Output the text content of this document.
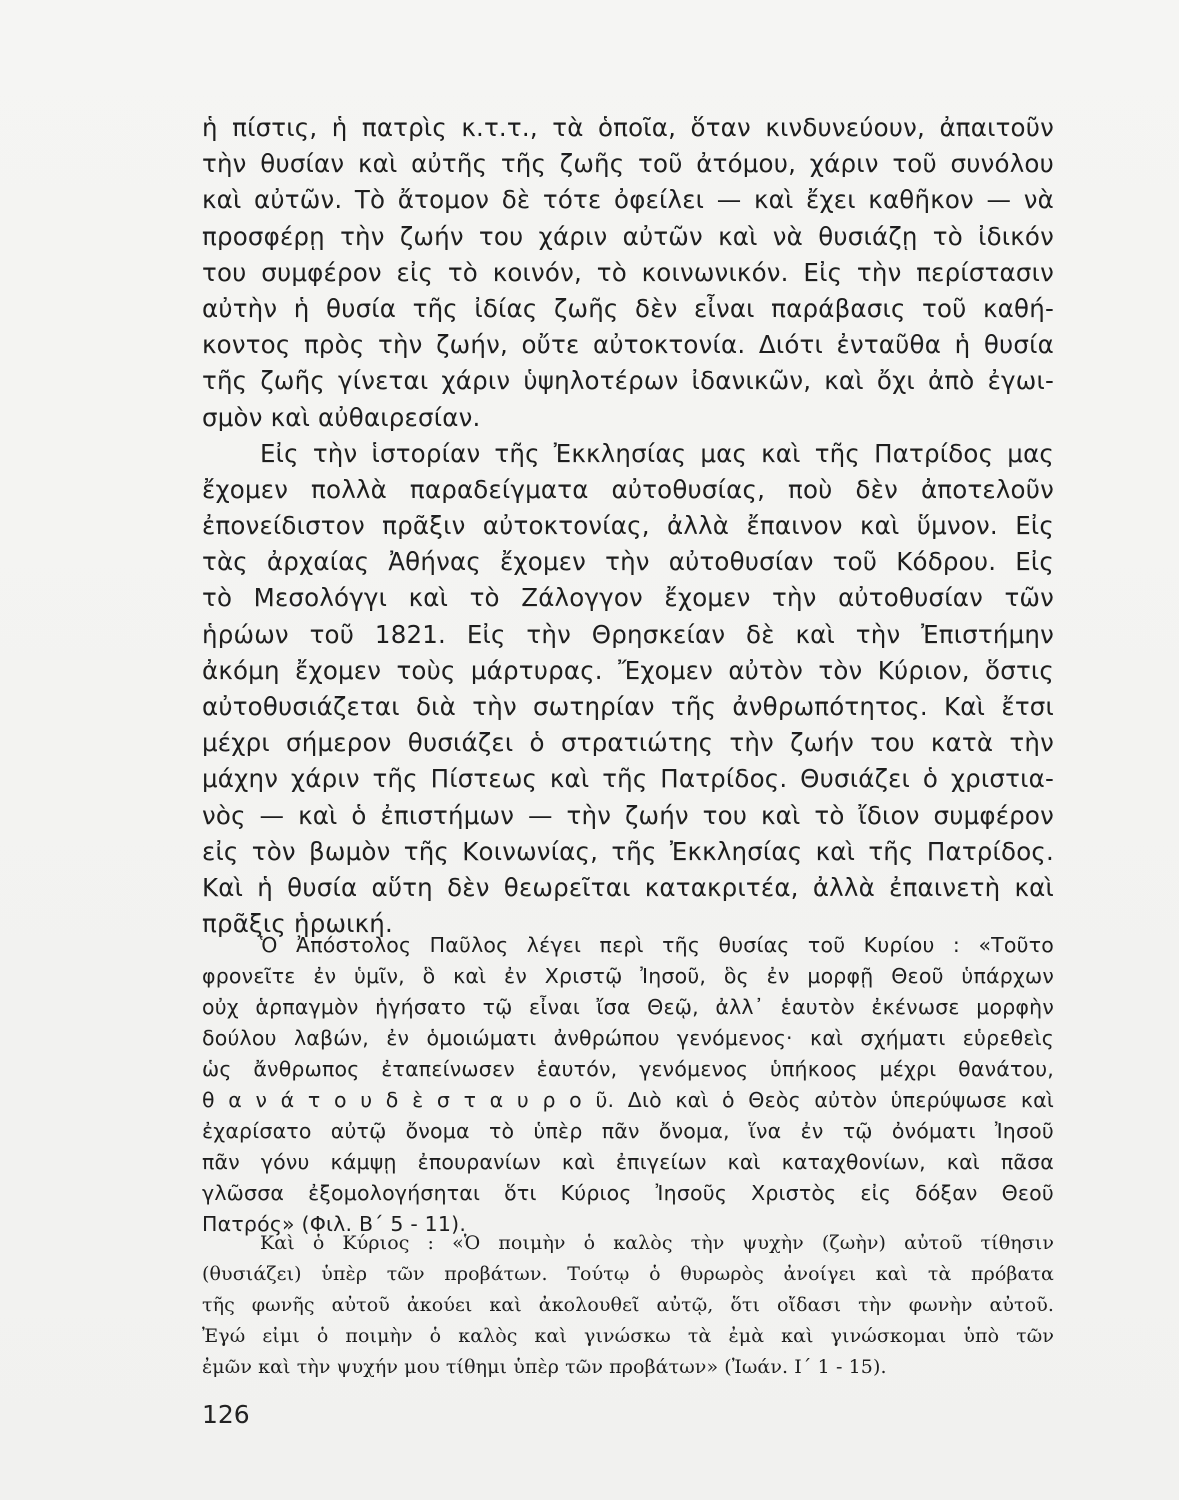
ἡ πίστις, ἡ πατρὶς κ.τ.τ., τὰ ὁποῖα, ὅταν κινδυνεύουν, ἀπαιτοῦν
τὴν θυσίαν καὶ αὐτῆς τῆς ζωῆς τοῦ ἀτόμου, χάριν τοῦ συνόλου
καὶ αὐτῶν. Τὸ ἄτομον δὲ τότε ὀφείλει — καὶ ἔχει καθῆκον — νὰ
προσφέρῃ τὴν ζωήν του χάριν αὐτῶν καὶ νὰ θυσιάζῃ τὸ ἰδικόν
του συμφέρον εἰς τὸ κοινόν, τὸ κοινωνικόν. Εἰς τὴν περίστασιν
αὐτὴν ἡ θυσία τῆς ἰδίας ζωῆς δὲν εἶναι παράβασις τοῦ καθή-
κοντος πρὸς τὴν ζωήν, οὔτε αὐτοκτονία. Διότι ἐνταῦθα ἡ θυσία
τῆς ζωῆς γίνεται χάριν ὑψηλοτέρων ἰδανικῶν, καὶ ὄχι ἀπὸ ἐγωι-
σμὸν καὶ αὐθαιρεσίαν.
Εἰς τὴν ἱστορίαν τῆς Ἐκκλησίας μας καὶ τῆς Πατρίδος μας
ἔχομεν πολλὰ παραδείγματα αὐτοθυσίας, ποὺ δὲν ἀποτελοῦν
ἐπονείδιστον πρᾶξιν αὐτοκτονίας, ἀλλὰ ἔπαινον καὶ ὕμνον. Εἰς
τὰς ἀρχαίας Ἀθήνας ἔχομεν τὴν αὐτοθυσίαν τοῦ Κόδρου. Εἰς
τὸ Μεσολόγγι καὶ τὸ Ζάλογγον ἔχομεν τὴν αὐτοθυσίαν τῶν
ἡρώων τοῦ 1821. Εἰς τὴν Θρησκείαν δὲ καὶ τὴν Ἐπιστήμην
ἀκόμη ἔχομεν τοὺς μάρτυρας. Ἔχομεν αὐτὸν τὸν Κύριον, ὅστις
αὐτοθυσιάζεται διὰ τὴν σωτηρίαν τῆς ἀνθρωπότητος. Καὶ ἔτσι
μέχρι σήμερον θυσιάζει ὁ στρατιώτης τὴν ζωήν του κατὰ τὴν
μάχην χάριν τῆς Πίστεως καὶ τῆς Πατρίδος. Θυσιάζει ὁ χριστια-
νὸς — καὶ ὁ ἐπιστήμων — τὴν ζωήν του καὶ τὸ ἴδιον συμφέρον
εἰς τὸν βωμὸν τῆς Κοινωνίας, τῆς Ἐκκλησίας καὶ τῆς Πατρίδος.
Καὶ ἡ θυσία αὕτη δὲν θεωρεῖται κατακριτέα, ἀλλὰ ἐπαινετὴ καὶ
πρᾶξις ἡρωική.
Ὁ Ἀπόστολος Παῦλος λέγει περὶ τῆς θυσίας τοῦ Κυρίου : «Τοῦτο
φρονεῖτε ἐν ὑμῖν, ὃ καὶ ἐν Χριστῷ Ἰησοῦ, ὃς ἐν μορφῇ Θεοῦ ὑπάρχων
οὐχ ἁρπαγμὸν ἡγήσατο τῷ εἶναι ἴσα Θεῷ, ἀλλ᾽ ἑαυτὸν ἐκένωσε μορφὴν
δούλου λαβών, ἐν ὁμοιώματι ἀνθρώπου γενόμενος· καὶ σχήματι εὑρεθεὶς
ὡς ἄνθρωπος ἐταπείνωσεν ἑαυτόν, γενόμενος ὑπήκοος μέχρι θανάτου,
θ α ν ά τ ο υ δ ὲ σ τ α υ ρ ο ῦ. Διὸ καὶ ὁ Θεὸς αὐτὸν ὑπερύψωσε καὶ
ἐχαρίσατο αὐτῷ ὄνομα τὸ ὑπὲρ πᾶν ὄνομα, ἵνα ἐν τῷ ὀνόματι Ἰησοῦ
πᾶν γόνυ κάμψῃ ἐπουρανίων καὶ ἐπιγείων καὶ καταχθονίων, καὶ πᾶσα
γλῶσσα ἐξομολογήσηται ὅτι Κύριος Ἰησοῦς Χριστὸς εἰς δόξαν Θεοῦ
Πατρός» (Φιλ. Β΄ 5 - 11).
Καὶ ὁ Κύριος : «Ὁ ποιμὴν ὁ καλὸς τὴν ψυχὴν (ζωὴν) αὐτοῦ τίθησιν
(θυσιάζει) ὑπὲρ τῶν προβάτων. Τούτῳ ὁ θυρωρὸς ἀνοίγει καὶ τὰ πρόβατα
τῆς φωνῆς αὐτοῦ ἀκούει καὶ ἀκολουθεῖ αὐτῷ, ὅτι οἴδασι τὴν φωνὴν αὐτοῦ.
Ἐγώ εἰμι ὁ ποιμὴν ὁ καλὸς καὶ γινώσκω τὰ ἐμὰ καὶ γινώσκομαι ὑπὸ τῶν
ἐμῶν καὶ τὴν ψυχήν μου τίθημι ὑπὲρ τῶν προβάτων» (Ἰωάν. Ι΄ 1 - 15).
126
